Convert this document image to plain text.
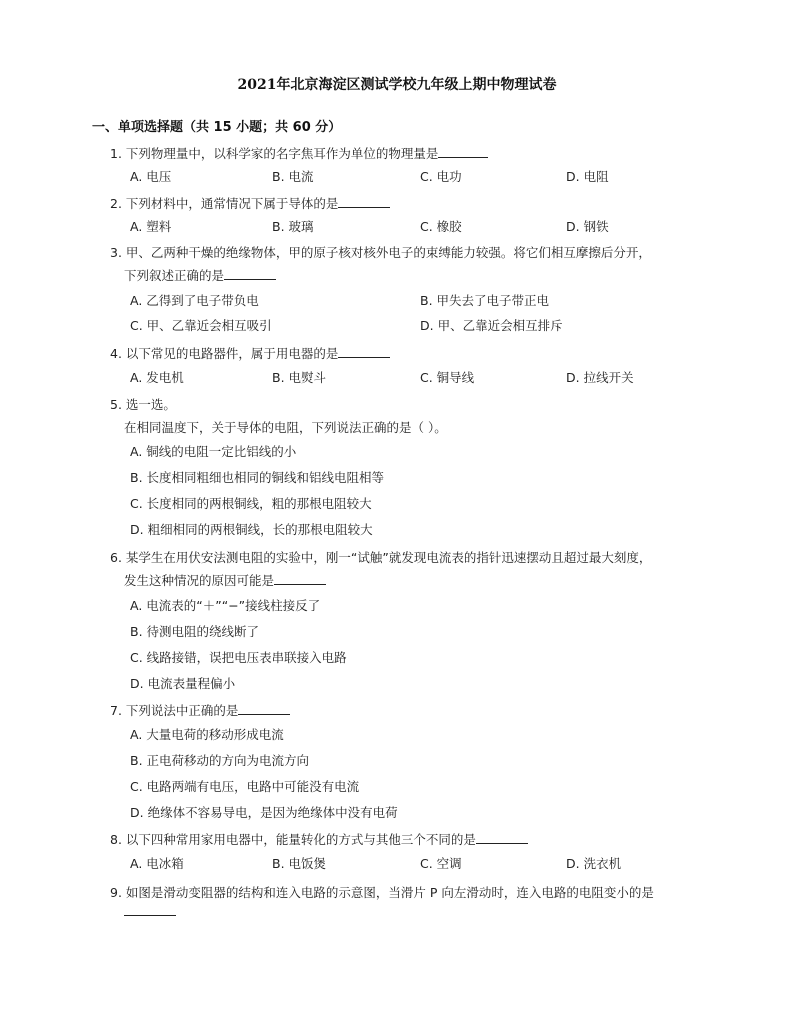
2021年北京海淀区测试学校九年级上期中物理试卷
一、单项选择题（共 15 小题；共 60 分）
1. 下列物理量中，以科学家的名字焦耳作为单位的物理量是
A. 电压	B. 电流	C. 电功	D. 电阻
2. 下列材料中，通常情况下属于导体的是
A. 塑料	B. 玻璃	C. 橡胶	D. 钢铁
3. 甲、乙两种干燥的绝缘物体，甲的原子核对核外电子的束缚能力较强。将它们相互摩擦后分开，
下列叙述正确的是
A. 乙得到了电子带负电	B. 甲失去了电子带正电
C. 甲、乙靠近会相互吸引	D. 甲、乙靠近会相互排斥
4. 以下常见的电路器件，属于用电器的是
A. 发电机	B. 电熨斗	C. 铜导线	D. 拉线开关
5. 选一选。
在相同温度下，关于导体的电阻，下列说法正确的是（ ）。
A. 铜线的电阻一定比铝线的小
B. 长度相同粗细也相同的铜线和铝线电阻相等
C. 长度相同的两根铜线，粗的那根电阻较大
D. 粗细相同的两根铜线，长的那根电阻较大
6. 某学生在用伏安法测电阻的实验中，刚一“试触”就发现电流表的指针迅速摆动且超过最大刻度，
发生这种情况的原因可能是
A. 电流表的“＋”“−”接线柱接反了
B. 待测电阻的绕线断了
C. 线路接错，误把电压表串联接入电路
D. 电流表量程偏小
7. 下列说法中正确的是
A. 大量电荷的移动形成电流
B. 正电荷移动的方向为电流方向
C. 电路两端有电压，电路中可能没有电流
D. 绝缘体不容易导电，是因为绝缘体中没有电荷
8. 以下四种常用家用电器中，能量转化的方式与其他三个不同的是
A. 电冰箱	B. 电饭煲	C. 空调	D. 洗衣机
9. 如图是滑动变阻器的结构和连入电路的示意图，当滑片 P 向左滑动时，连入电路的电阻变小的是
